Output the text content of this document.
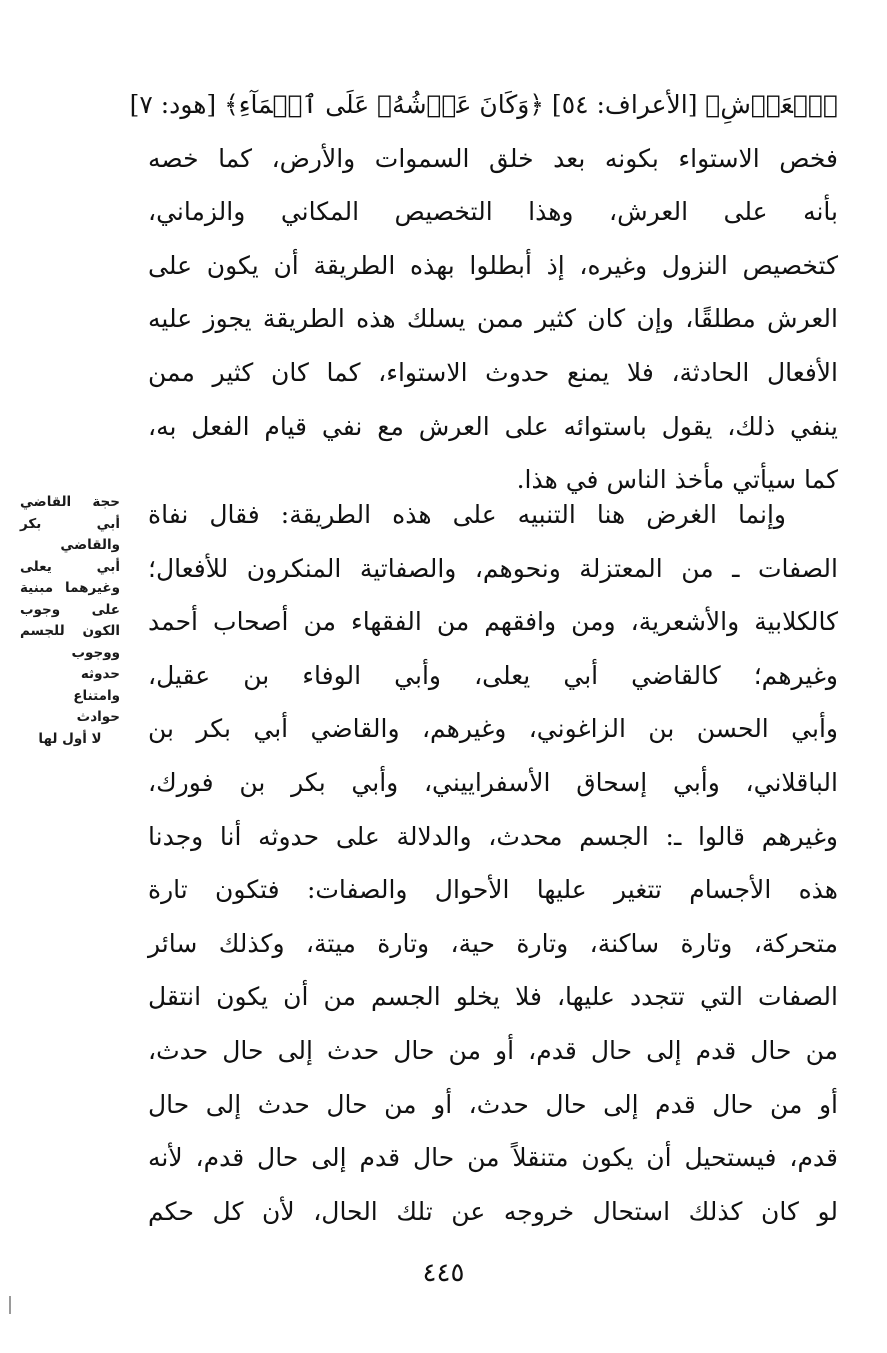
ٱلۡعَرۡشِ﴾ [الأعراف: ٥٤] ﴿وَكَانَ عَرۡشُهُۥ عَلَى ٱلۡمَآءِ﴾ [هود: ٧]
فخص الاستواء بكونه بعد خلق السموات والأرض، كما خصه
بأنه على العرش، وهذا التخصيص المكاني والزماني،
كتخصيص النزول وغيره، إذ أبطلوا بهذه الطريقة أن يكون على
العرش مطلقًا، وإن كان كثير ممن يسلك هذه الطريقة يجوز عليه
الأفعال الحادثة، فلا يمنع حدوث الاستواء، كما كان كثير ممن
ينفي ذلك، يقول باستوائه على العرش مع نفي قيام الفعل به،
كما سيأتي مأخذ الناس في هذا.
وإنما الغرض هنا التنبيه على هذه الطريقة: فقال نفاة
الصفات ـ من المعتزلة ونحوهم، والصفاتية المنكرون للأفعال؛
كالكلابية والأشعرية، ومن وافقهم من الفقهاء من أصحاب أحمد
وغيرهم؛ كالقاضي أبي يعلى، وأبي الوفاء بن عقيل،
وأبي الحسن بن الزاغوني، وغيرهم، والقاضي أبي بكر بن
الباقلاني، وأبي إسحاق الأسفراييني، وأبي بكر بن فورك،
وغيرهم قالوا ـ: الجسم محدث، والدلالة على حدوثه أنا وجدنا
هذه الأجسام تتغير عليها الأحوال والصفات: فتكون تارة
متحركة، وتارة ساكنة، وتارة حية، وتارة ميتة، وكذلك سائر
الصفات التي تتجدد عليها، فلا يخلو الجسم من أن يكون انتقل
من حال قدم إلى حال قدم، أو من حال حدث إلى حال حدث،
أو من حال قدم إلى حال حدث، أو من حال حدث إلى حال
قدم، فيستحيل أن يكون متنقلاً من حال قدم إلى حال قدم، لأنه
لو كان كذلك استحال خروجه عن تلك الحال، لأن كل حكم
حجة القاضي
أبي بكر
والقاضي
أبي يعلى
وغيرهما مبنية
على وجوب
الكون للجسم
ووجوب
حدوثه
وامتناع
حوادث
لا أول لها
٤٤٥
